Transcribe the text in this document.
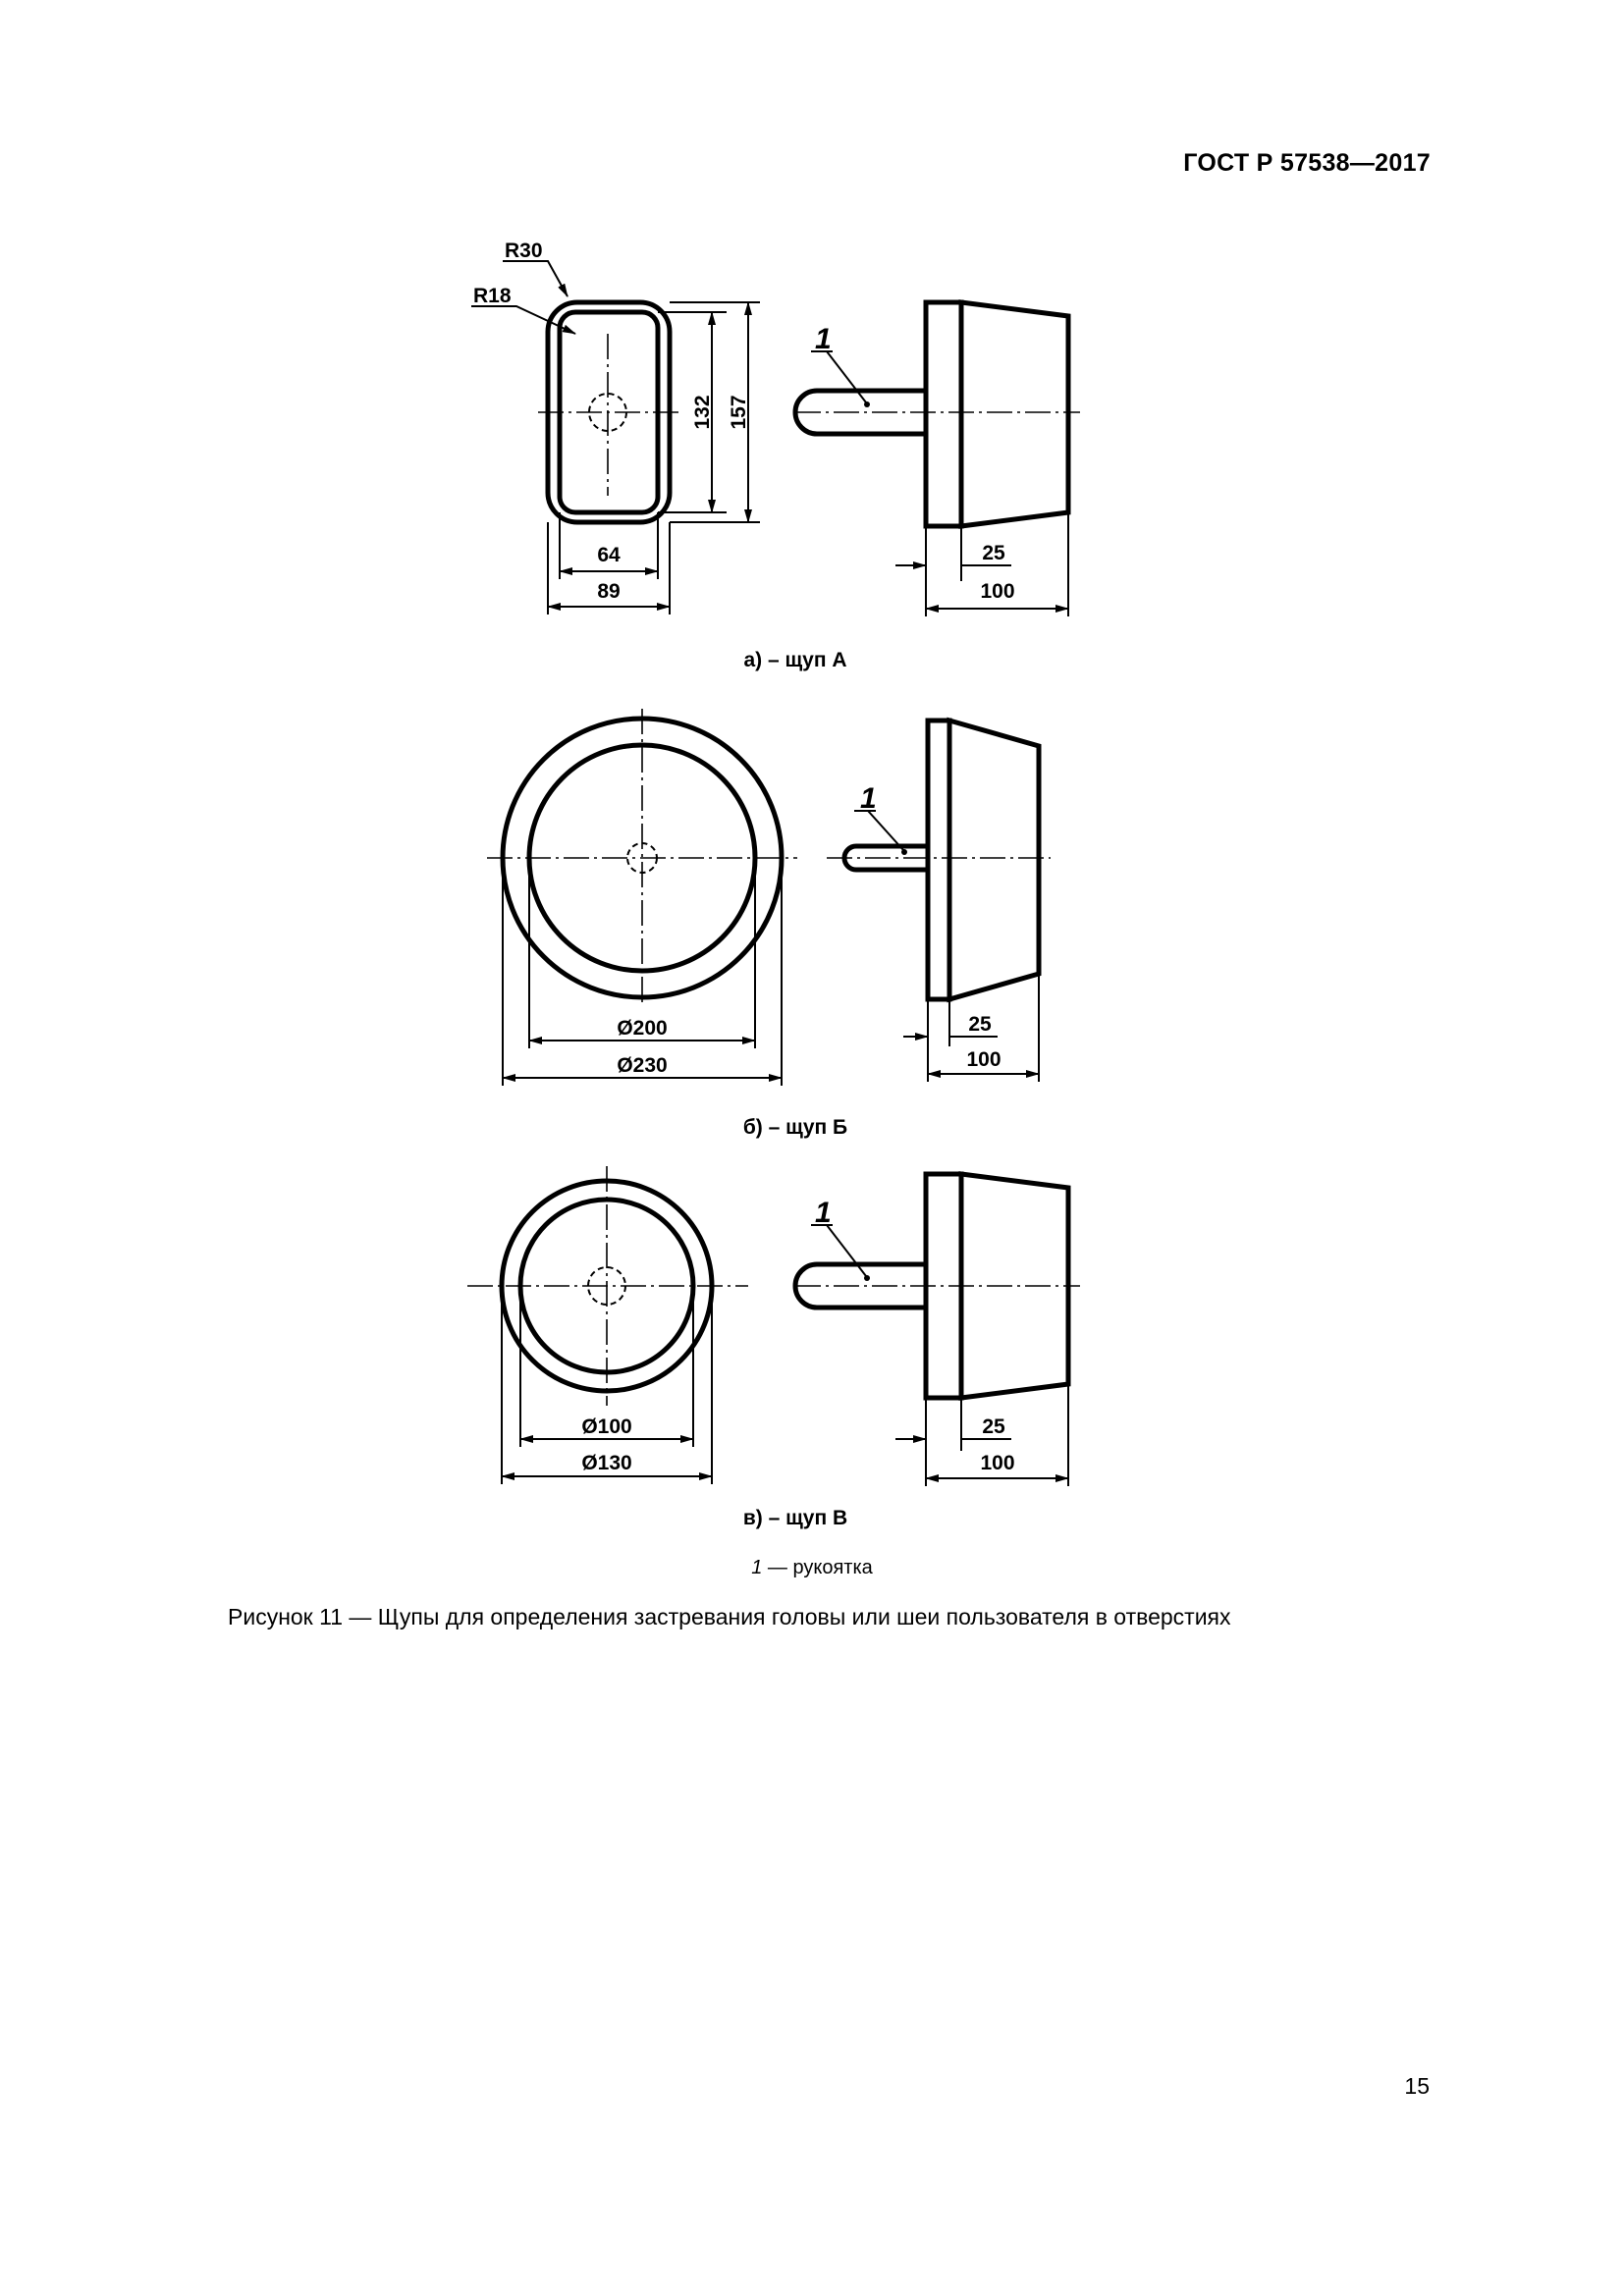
ГОСТ Р 57538—2017
132 157
64
89
R30
R18
1
25
100
а) – щуп А
Ø200
Ø230
1
25
100
б) – щуп Б
Ø100
Ø130
1
25
100
в) – щуп В
1 — рукоятка
Рисунок 11 — Щупы для определения застревания головы или шеи пользователя в отверстиях
15
